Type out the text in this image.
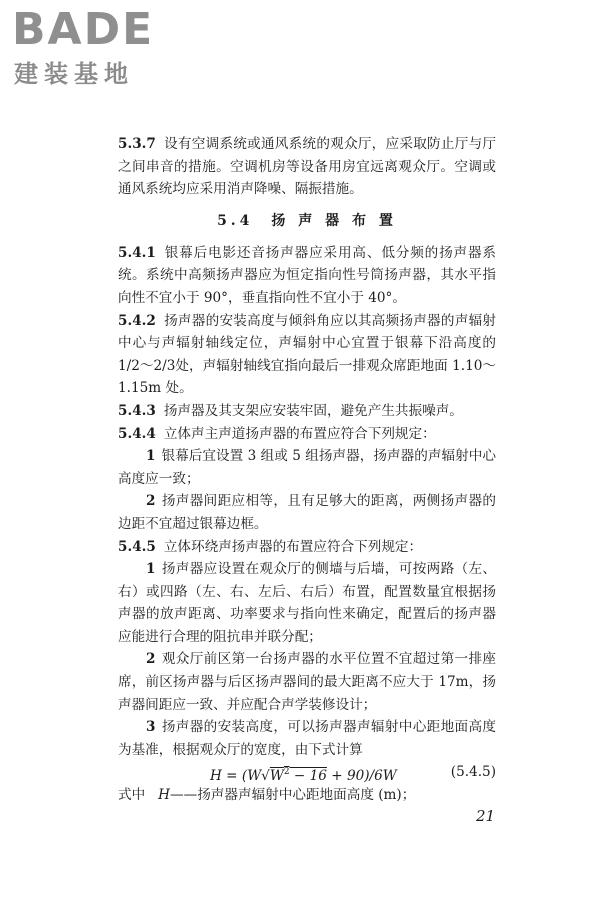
BADE
建装基地

5.3.7 设有空调系统或通风系统的观众厅，应采取防止厅与厅之间串音的措施。空调机房等设备用房宜远离观众厅。空调或通风系统均应采用消声降噪、隔振措施。

5.4　扬 声 器 布 置

5.4.1 银幕后电影还音扬声器应采用高、低分频的扬声器系统。系统中高频扬声器应为恒定指向性号筒扬声器，其水平指向性不宜小于 90°，垂直指向性不宜小于 40°。

5.4.2 扬声器的安装高度与倾斜角应以其高频扬声器的声辐射中心与声辐射轴线定位，声辐射中心宜置于银幕下沿高度的 1/2～2/3处，声辐射轴线宜指向最后一排观众席距地面 1.10～1.15m 处。

5.4.3 扬声器及其支架应安装牢固，避免产生共振噪声。

5.4.4 立体声主声道扬声器的布置应符合下列规定：

1 银幕后宜设置 3 组或 5 组扬声器，扬声器的声辐射中心高度应一致；

2 扬声器间距应相等，且有足够大的距离，两侧扬声器的边距不宜超过银幕边框。

5.4.5 立体环绕声扬声器的布置应符合下列规定：

1 扬声器应设置在观众厅的侧墙与后墙，可按两路（左、右）或四路（左、右、左后、右后）布置，配置数量宜根据扬声器的放声距离、功率要求与指向性来确定，配置后的扬声器应能进行合理的阻抗串并联分配；

2 观众厅前区第一台扬声器的水平位置不宜超过第一排座席，前区扬声器与后区扬声器间的最大距离不应大于 17m，扬声器间距应一致、并应配合声学装修设计；

3 扬声器的安装高度，可以扬声器声辐射中心距地面高度为基准，根据观众厅的宽度，由下式计算

$H = (W√W^2 - 16 + 90)/6W$	(5.4.5)
式中 H——扬声器声辐射中心距地面高度 (m)；
21
